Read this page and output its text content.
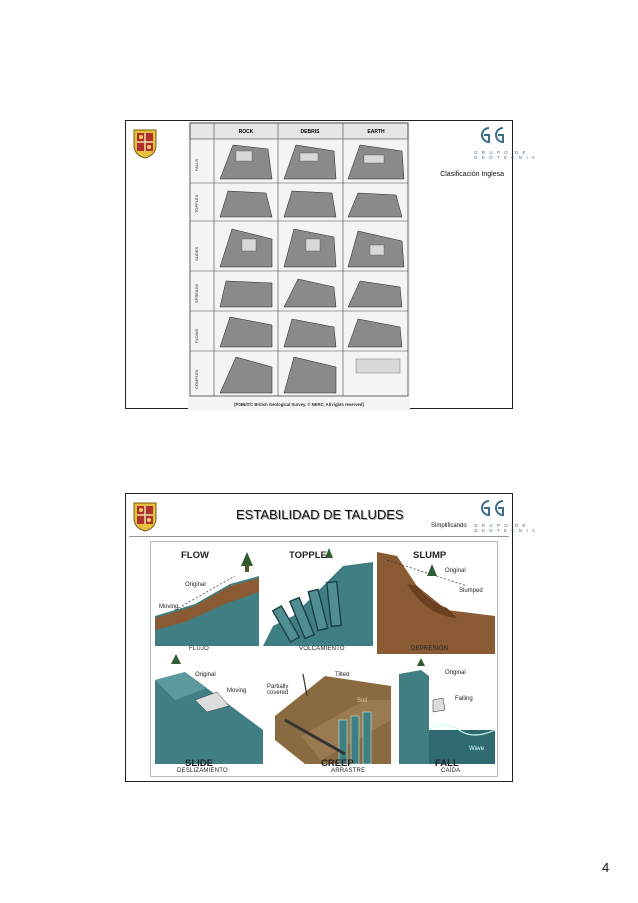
ROCK	DEBRIS	EARTH
FALLS
TOPPLES
SLIDES
SPREADS
FLOWS
COMPLEX
(P086/ITC British Geological Survey. © NERC. All rights reserved)
G R U P O  D E
G E O T E C N I A
Clasificación Inglesa
ESTABILIDAD DE TALUDES
Simplificando G R U P O  D E
G E O T E C N I A
FLOW
Original
Moving
TOPPLE	SLUMP
Original
Slumped
FLUJO	VOLCAMIENTO	DEPRESIÓN
SLIDE
Original
Moving
CREEP
Partially covered
Tilted
Soil
FALL
Original
Falling
Wave
DESLIZAMIENTO	ARRASTRE	CAÍDA
4
